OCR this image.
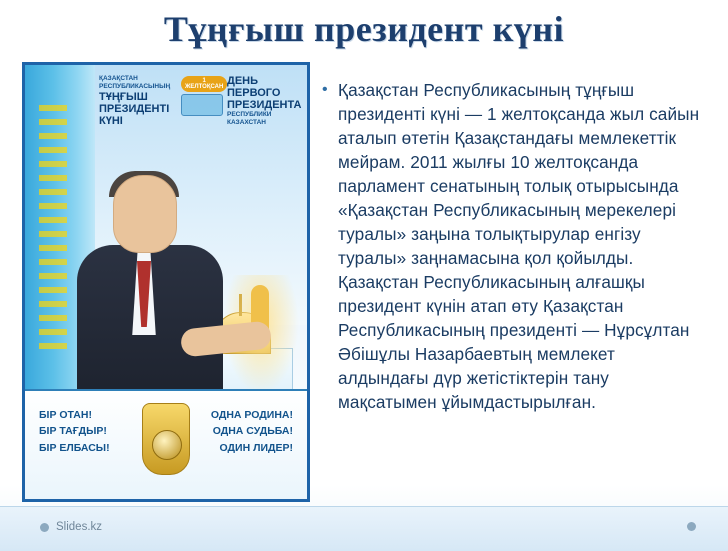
Тұңғыш президент күні
ҚАЗАҚСТАН РЕСПУБЛИКАСЫНЫҢ
ТҰҢҒЫШ ПРЕЗИДЕНТІ КҮНІ
1 ЖЕЛТОҚСАН ДЕНЬ ПЕРВОГО ПРЕЗИДЕНТА
РЕСПУБЛИКИ КАЗАХСТАН
БІР ОТАН!
БІР ТАҒДЫР!
БІР ЕЛБАСЫ!
ОДНА РОДИНА!
ОДНА СУДЬБА!
ОДИН ЛИДЕР!
• Қазақстан Республикасының тұңғыш президенті күні — 1 желтоқсанда жыл сайын аталып өтетін Қазақстандағы мемлекеттік мейрам. 2011 жылғы 10 желтоқсанда парламент сенатының толық отырысында «Қазақстан Республикасының мерекелері туралы» заңына толықтырулар енгізу туралы» заңнамасына қол қойылды. Қазақстан Республикасының алғашқы президент күнін атап өту Қазақстан Республикасының президенті — Нұрсұлтан Әбішұлы Назарбаевтың мемлекет алдындағы дүр жетістіктерін тану мақсатымен ұйымдастырылған.
Slides.kz
